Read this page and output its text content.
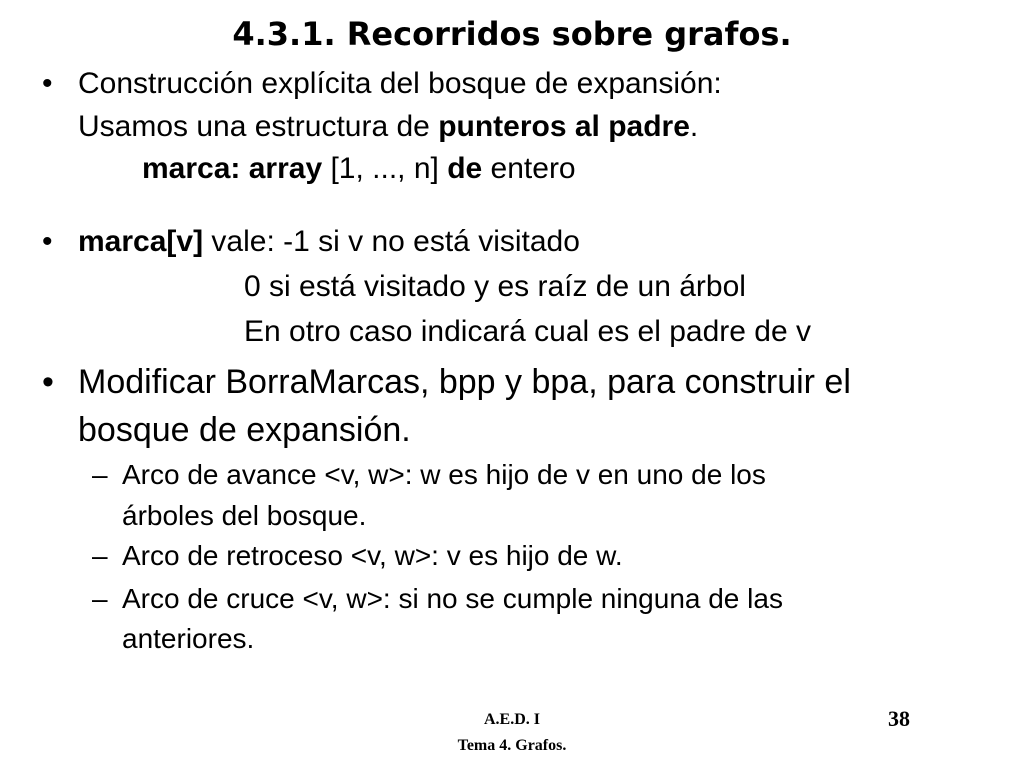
4.3.1. Recorridos sobre grafos.
• Construcción explícita del bosque de expansión:
Usamos una estructura de punteros al padre.
marca: array [1, ..., n] de entero
• marca[v] vale: -1 si v no está visitado
0 si está visitado y es raíz de un árbol
En otro caso indicará cual es el padre de v
• Modificar BorraMarcas, bpp y bpa, para construir el
bosque de expansión.
– Arco de avance <v, w>: w es hijo de v en uno de los
árboles del bosque.
– Arco de retroceso <v, w>: v es hijo de w.
– Arco de cruce <v, w>: si no se cumple ninguna de las
anteriores.
A.E.D. I
Tema 4. Grafos.
38
